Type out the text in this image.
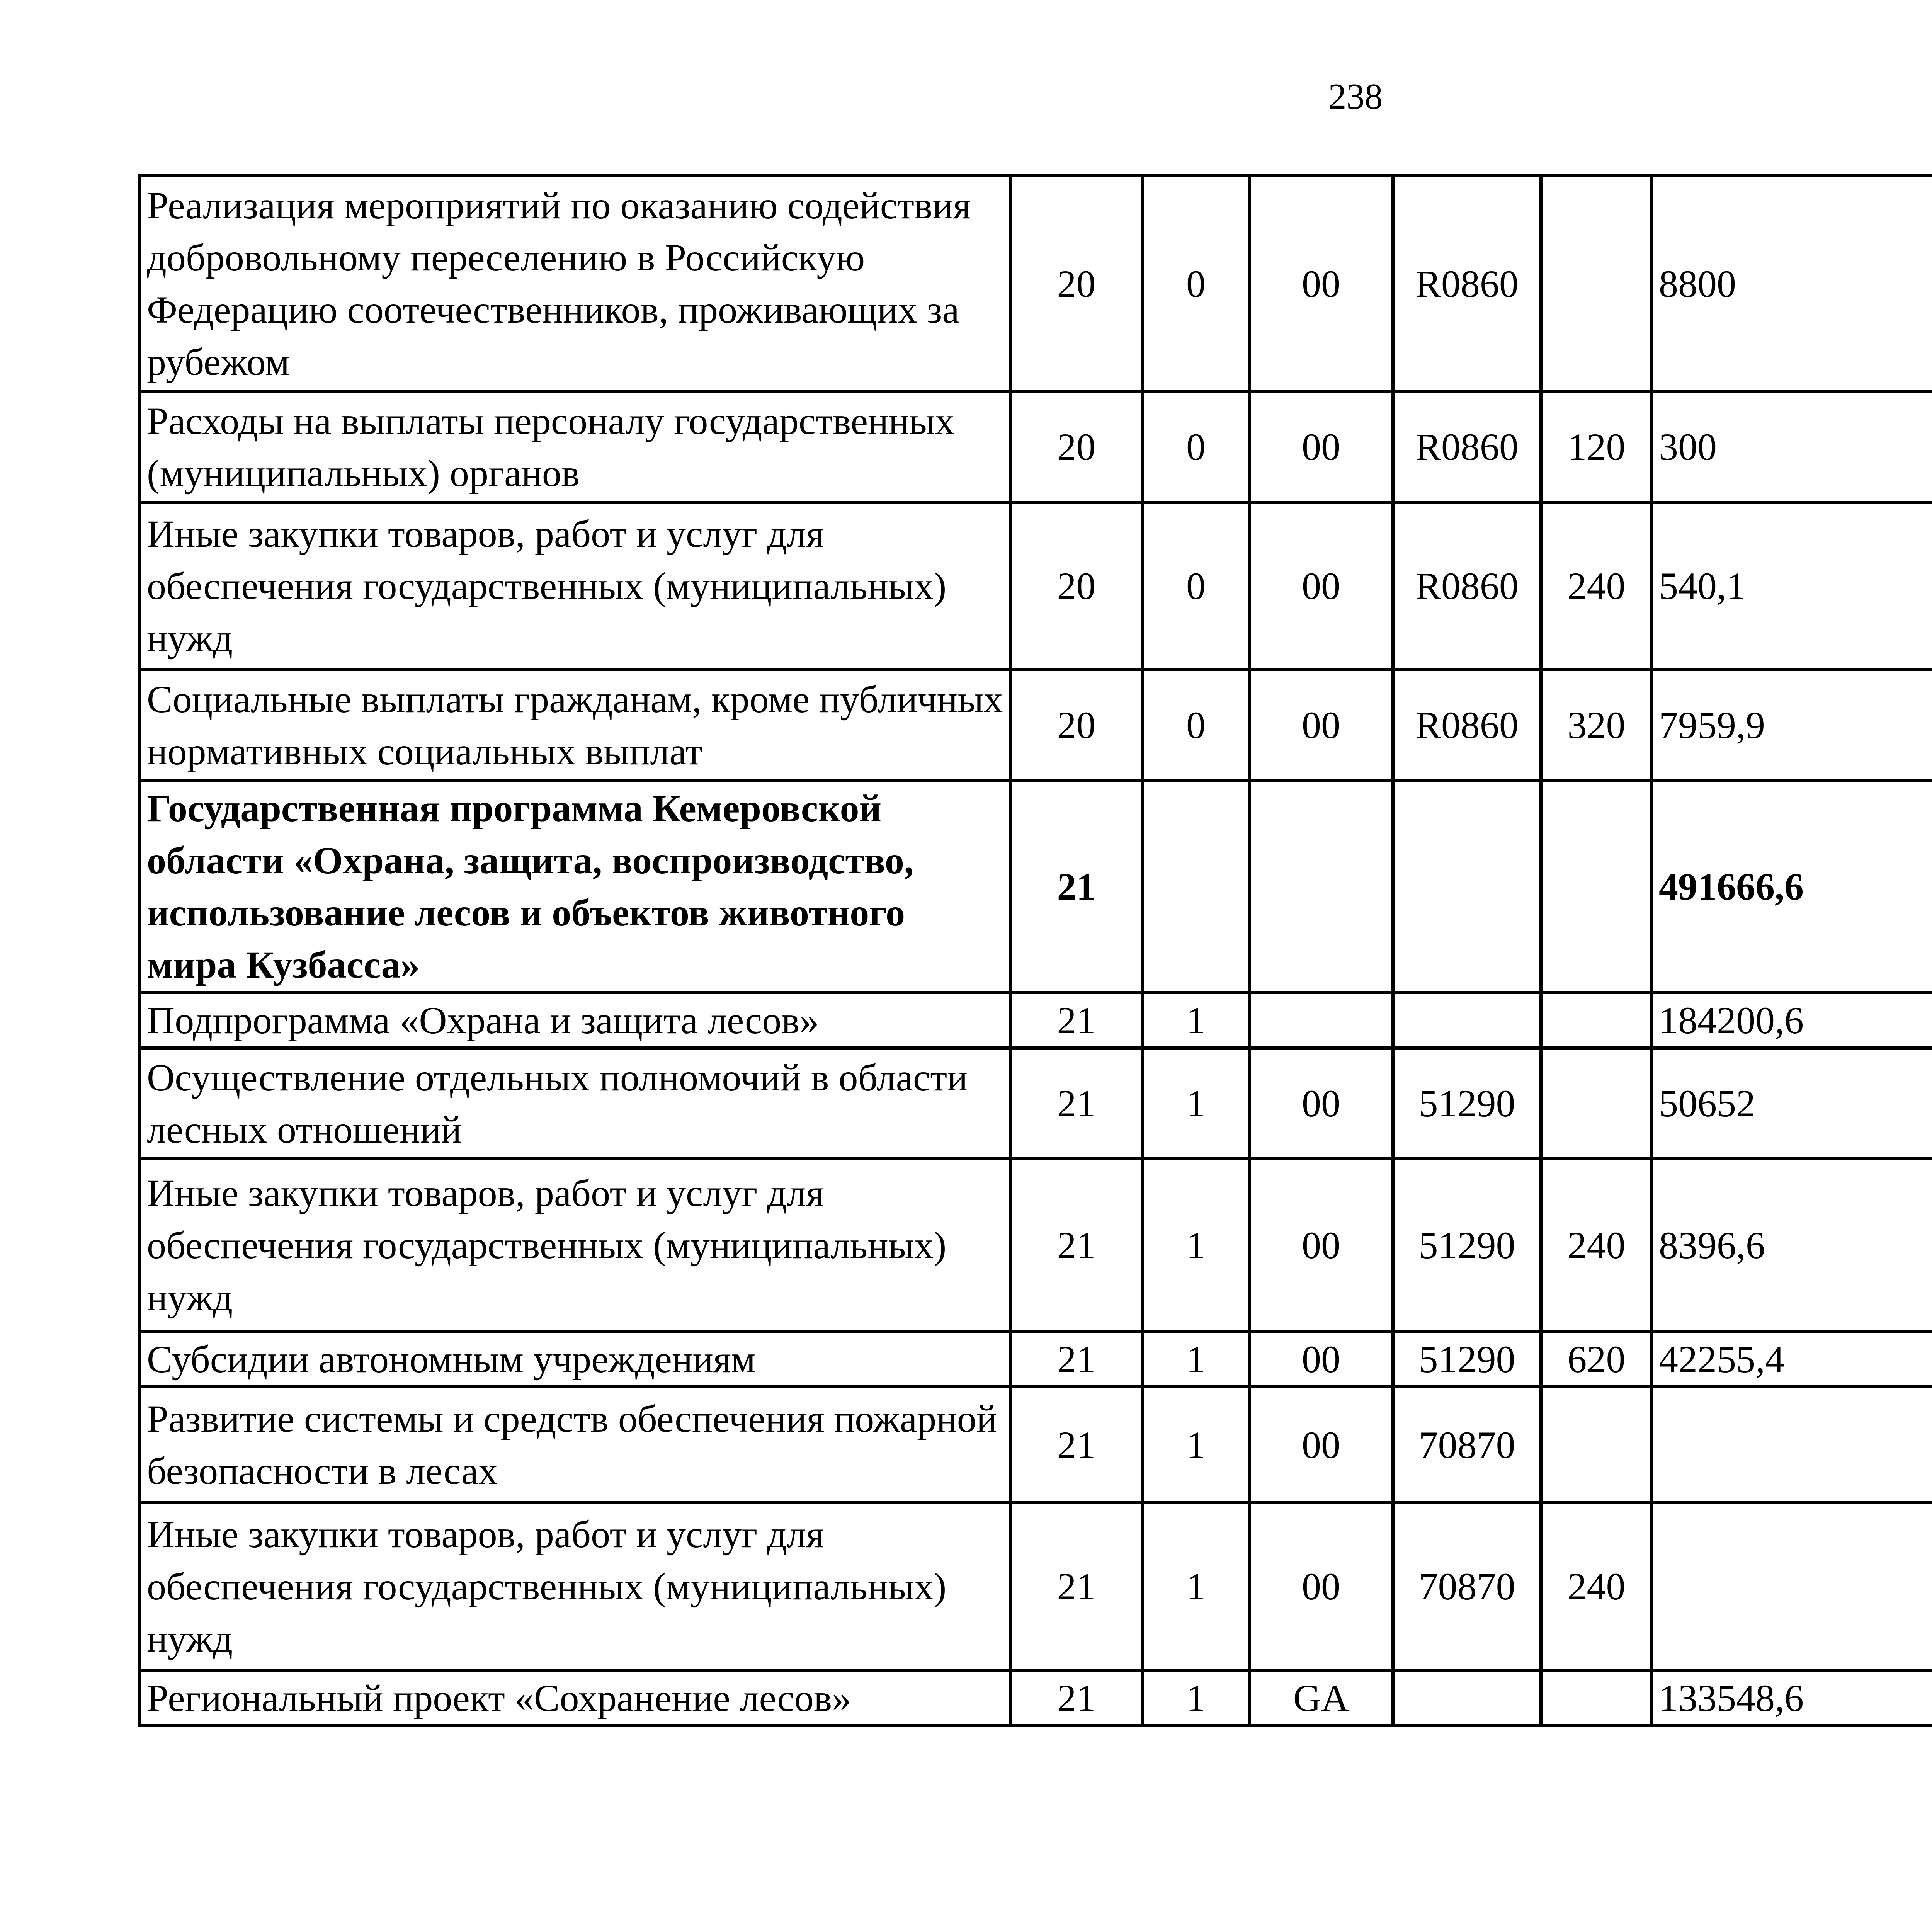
238
Реализация мероприятий по оказанию содействия добровольному переселению в Российскую Федерацию соотечественников, проживающих за рубежом	20	0	00	R0860		8800		
Расходы на выплаты персоналу государственных (муниципальных) органов	20	0	00	R0860	120	300		
Иные закупки товаров, работ и услуг для обеспечения государственных (муниципальных) нужд	20	0	00	R0860	240	540,1		
Социальные выплаты гражданам, кроме публичных нормативных социальных выплат	20	0	00	R0860	320	7959,9		
Государственная программа Кемеровской области «Охрана, защита, воспроизводство, использование лесов и объектов животного мира Кузбасса»	21					491666,6		
Подпрограмма «Охрана и защита лесов»	21	1				184200,6		
Осуществление отдельных полномочий в области лесных отношений	21	1	00	51290		50652		
Иные закупки товаров, работ и услуг для обеспечения государственных (муниципальных) нужд	21	1	00	51290	240	8396,6		
Субсидии автономным учреждениям	21	1	00	51290	620	42255,4		
Развитие системы и средств обеспечения пожарной безопасности в лесах	21	1	00	70870				
Иные закупки товаров, работ и услуг для обеспечения государственных (муниципальных) нужд	21	1	00	70870	240			
Региональный проект «Сохранение лесов»	21	1	GA			133548,6		
